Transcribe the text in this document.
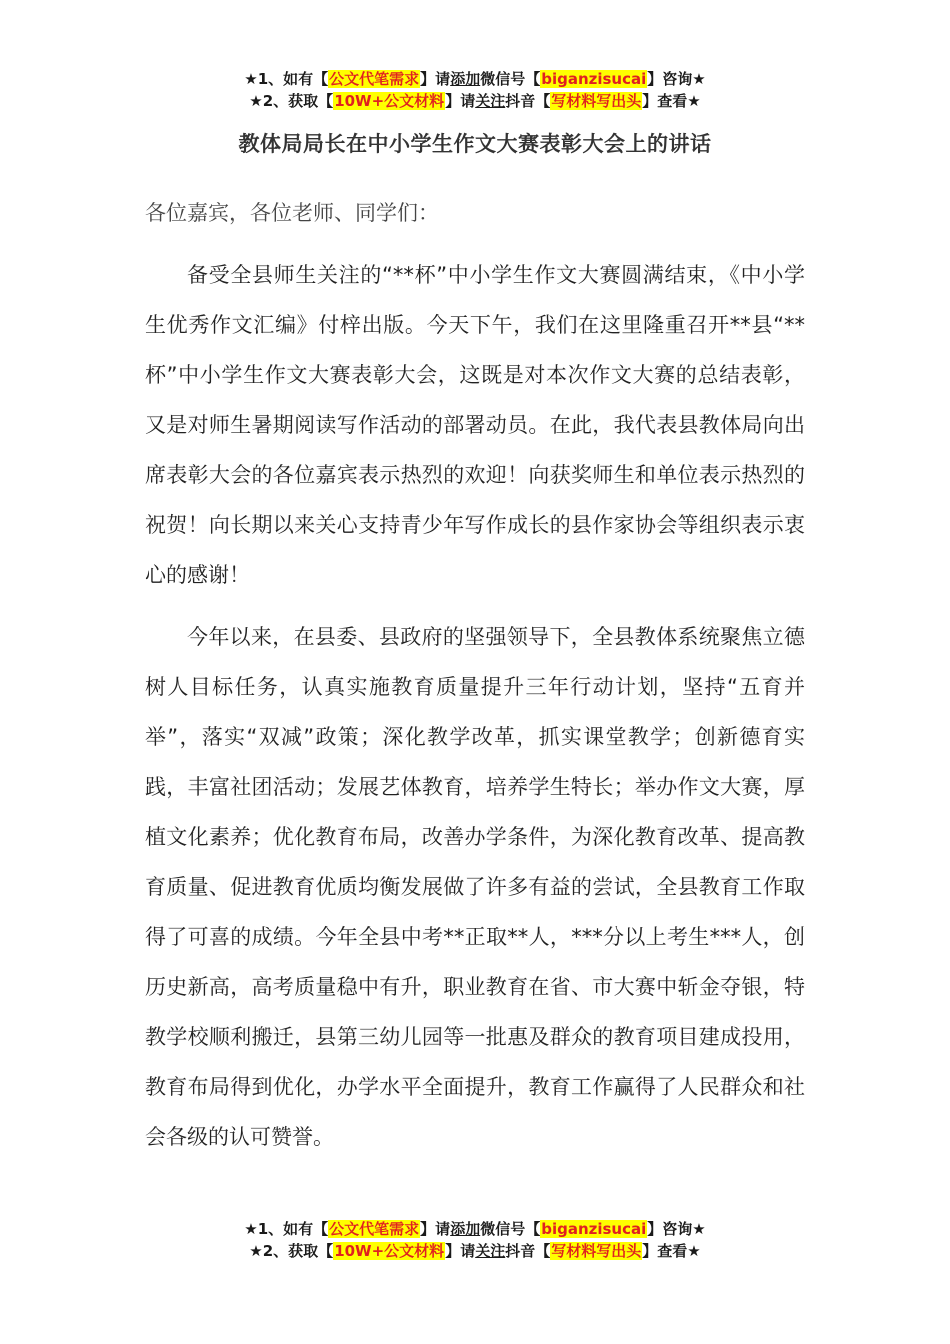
★1、如有【公文代笔需求】请添加微信号【biganzisucai】咨询★
★2、获取【10W+公文材料】请关注抖音【写材料写出头】查看★
教体局局长在中小学生作文大赛表彰大会上的讲话

各位嘉宾，各位老师、同学们：

备受全县师生关注的“**杯”中小学生作文大赛圆满结束，《中小学生优秀作文汇编》付梓出版。今天下午，我们在这里隆重召开**县“**杯”中小学生作文大赛表彰大会，这既是对本次作文大赛的总结表彰，又是对师生暑期阅读写作活动的部署动员。在此，我代表县教体局向出席表彰大会的各位嘉宾表示热烈的欢迎！向获奖师生和单位表示热烈的祝贺！向长期以来关心支持青少年写作成长的县作家协会等组织表示衷心的感谢！

今年以来，在县委、县政府的坚强领导下，全县教体系统聚焦立德树人目标任务，认真实施教育质量提升三年行动计划，坚持“五育并举”，落实“双减”政策；深化教学改革，抓实课堂教学；创新德育实践，丰富社团活动；发展艺体教育，培养学生特长；举办作文大赛，厚植文化素养；优化教育布局，改善办学条件，为深化教育改革、提高教育质量、促进教育优质均衡发展做了许多有益的尝试，全县教育工作取得了可喜的成绩。今年全县中考**正取**人，***分以上考生***人，创历史新高，高考质量稳中有升，职业教育在省、市大赛中斩金夺银，特教学校顺利搬迁，县第三幼儿园等一批惠及群众的教育项目建成投用，教育布局得到优化，办学水平全面提升，教育工作赢得了人民群众和社会各级的认可赞誉。

★1、如有【公文代笔需求】请添加微信号【biganzisucai】咨询★
★2、获取【10W+公文材料】请关注抖音【写材料写出头】查看★
